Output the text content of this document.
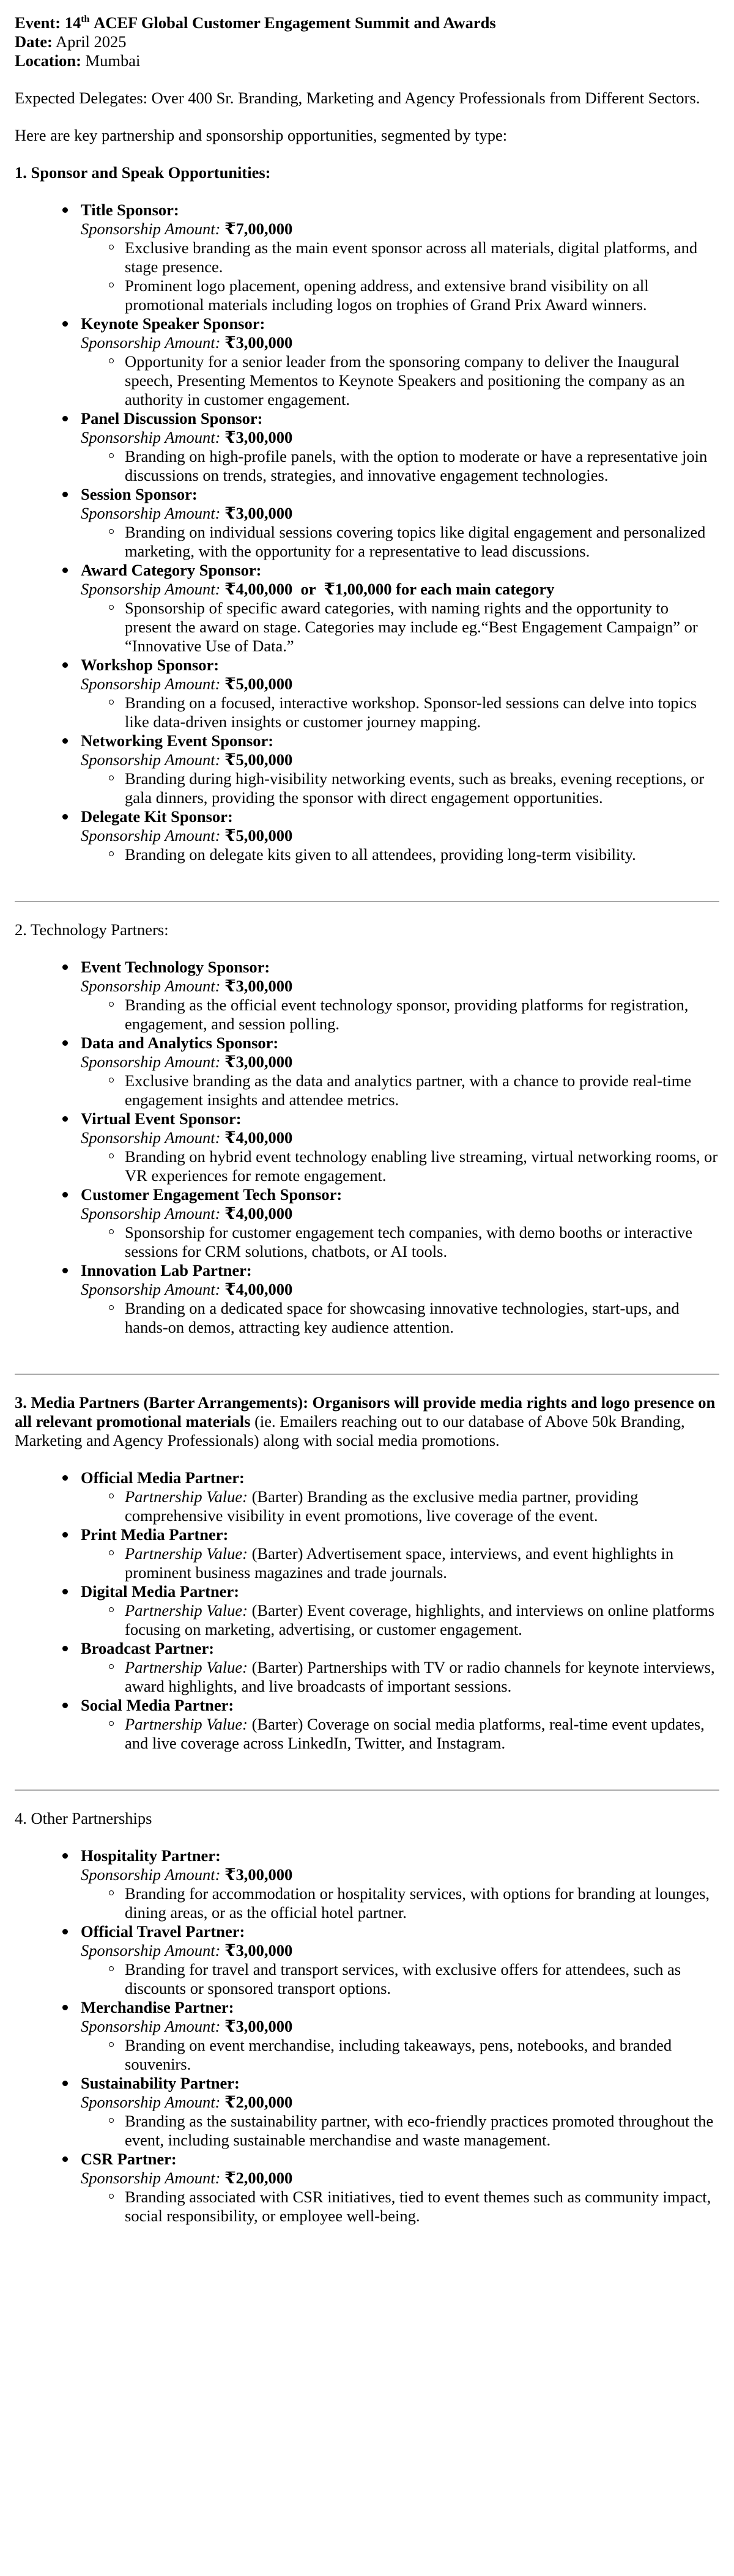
Event: 14th ACEF Global Customer Engagement Summit and Awards

Date: April 2025

Location: Mumbai

Expected Delegates: Over 400 Sr. Branding, Marketing and Agency Professionals from Different Sectors.

Here are key partnership and sponsorship opportunities, segmented by type:

1. Sponsor and Speak Opportunities:

Title Sponsor:
Sponsorship Amount: ₹7,00,000
Exclusive branding as the main event sponsor across all materials, digital platforms, and stage presence.
Prominent logo placement, opening address, and extensive brand visibility on all promotional materials including logos on trophies of Grand Prix Award winners.
Keynote Speaker Sponsor:
Sponsorship Amount: ₹3,00,000
Opportunity for a senior leader from the sponsoring company to deliver the Inaugural speech, Presenting Mementos to Keynote Speakers and positioning the company as an authority in customer engagement.
Panel Discussion Sponsor:
Sponsorship Amount: ₹3,00,000
Branding on high-profile panels, with the option to moderate or have a representative join discussions on trends, strategies, and innovative engagement technologies.
Session Sponsor:
Sponsorship Amount: ₹3,00,000
Branding on individual sessions covering topics like digital engagement and personalized marketing, with the opportunity for a representative to lead discussions.
Award Category Sponsor:
Sponsorship Amount: ₹4,00,000  or  ₹1,00,000 for each main category
Sponsorship of specific award categories, with naming rights and the opportunity to present the award on stage. Categories may include eg.“Best Engagement Campaign” or “Innovative Use of Data.”
Workshop Sponsor:
Sponsorship Amount: ₹5,00,000
Branding on a focused, interactive workshop. Sponsor-led sessions can delve into topics like data-driven insights or customer journey mapping.
Networking Event Sponsor:
Sponsorship Amount: ₹5,00,000
Branding during high-visibility networking events, such as breaks, evening receptions, or gala dinners, providing the sponsor with direct engagement opportunities.
Delegate Kit Sponsor:
Sponsorship Amount: ₹5,00,000
Branding on delegate kits given to all attendees, providing long-term visibility.

2. Technology Partners:

Event Technology Sponsor:
Sponsorship Amount: ₹3,00,000
Branding as the official event technology sponsor, providing platforms for registration, engagement, and session polling.
Data and Analytics Sponsor:
Sponsorship Amount: ₹3,00,000
Exclusive branding as the data and analytics partner, with a chance to provide real-time engagement insights and attendee metrics.
Virtual Event Sponsor:
Sponsorship Amount: ₹4,00,000
Branding on hybrid event technology enabling live streaming, virtual networking rooms, or VR experiences for remote engagement.
Customer Engagement Tech Sponsor:
Sponsorship Amount: ₹4,00,000
Sponsorship for customer engagement tech companies, with demo booths or interactive sessions for CRM solutions, chatbots, or AI tools.
Innovation Lab Partner:
Sponsorship Amount: ₹4,00,000
Branding on a dedicated space for showcasing innovative technologies, start-ups, and hands-on demos, attracting key audience attention.

3. Media Partners (Barter Arrangements): Organisors will provide media rights and logo presence on all relevant promotional materials (ie. Emailers reaching out to our database of Above 50k Branding, Marketing and Agency Professionals) along with social media promotions.

Official Media Partner:
Partnership Value: (Barter) Branding as the exclusive media partner, providing comprehensive visibility in event promotions, live coverage of the event.
Print Media Partner:
Partnership Value: (Barter) Advertisement space, interviews, and event highlights in prominent business magazines and trade journals.
Digital Media Partner:
Partnership Value: (Barter) Event coverage, highlights, and interviews on online platforms focusing on marketing, advertising, or customer engagement.
Broadcast Partner:
Partnership Value: (Barter) Partnerships with TV or radio channels for keynote interviews, award highlights, and live broadcasts of important sessions.
Social Media Partner:
Partnership Value: (Barter) Coverage on social media platforms, real-time event updates, and live coverage across LinkedIn, Twitter, and Instagram.

4. Other Partnerships

Hospitality Partner:
Sponsorship Amount: ₹3,00,000
Branding for accommodation or hospitality services, with options for branding at lounges, dining areas, or as the official hotel partner.
Official Travel Partner:
Sponsorship Amount: ₹3,00,000
Branding for travel and transport services, with exclusive offers for attendees, such as discounts or sponsored transport options.
Merchandise Partner:
Sponsorship Amount: ₹3,00,000
Branding on event merchandise, including takeaways, pens, notebooks, and branded souvenirs.
Sustainability Partner:
Sponsorship Amount: ₹2,00,000
Branding as the sustainability partner, with eco-friendly practices promoted throughout the event, including sustainable merchandise and waste management.
CSR Partner:
Sponsorship Amount: ₹2,00,000
Branding associated with CSR initiatives, tied to event themes such as community impact, social responsibility, or employee well-being.
